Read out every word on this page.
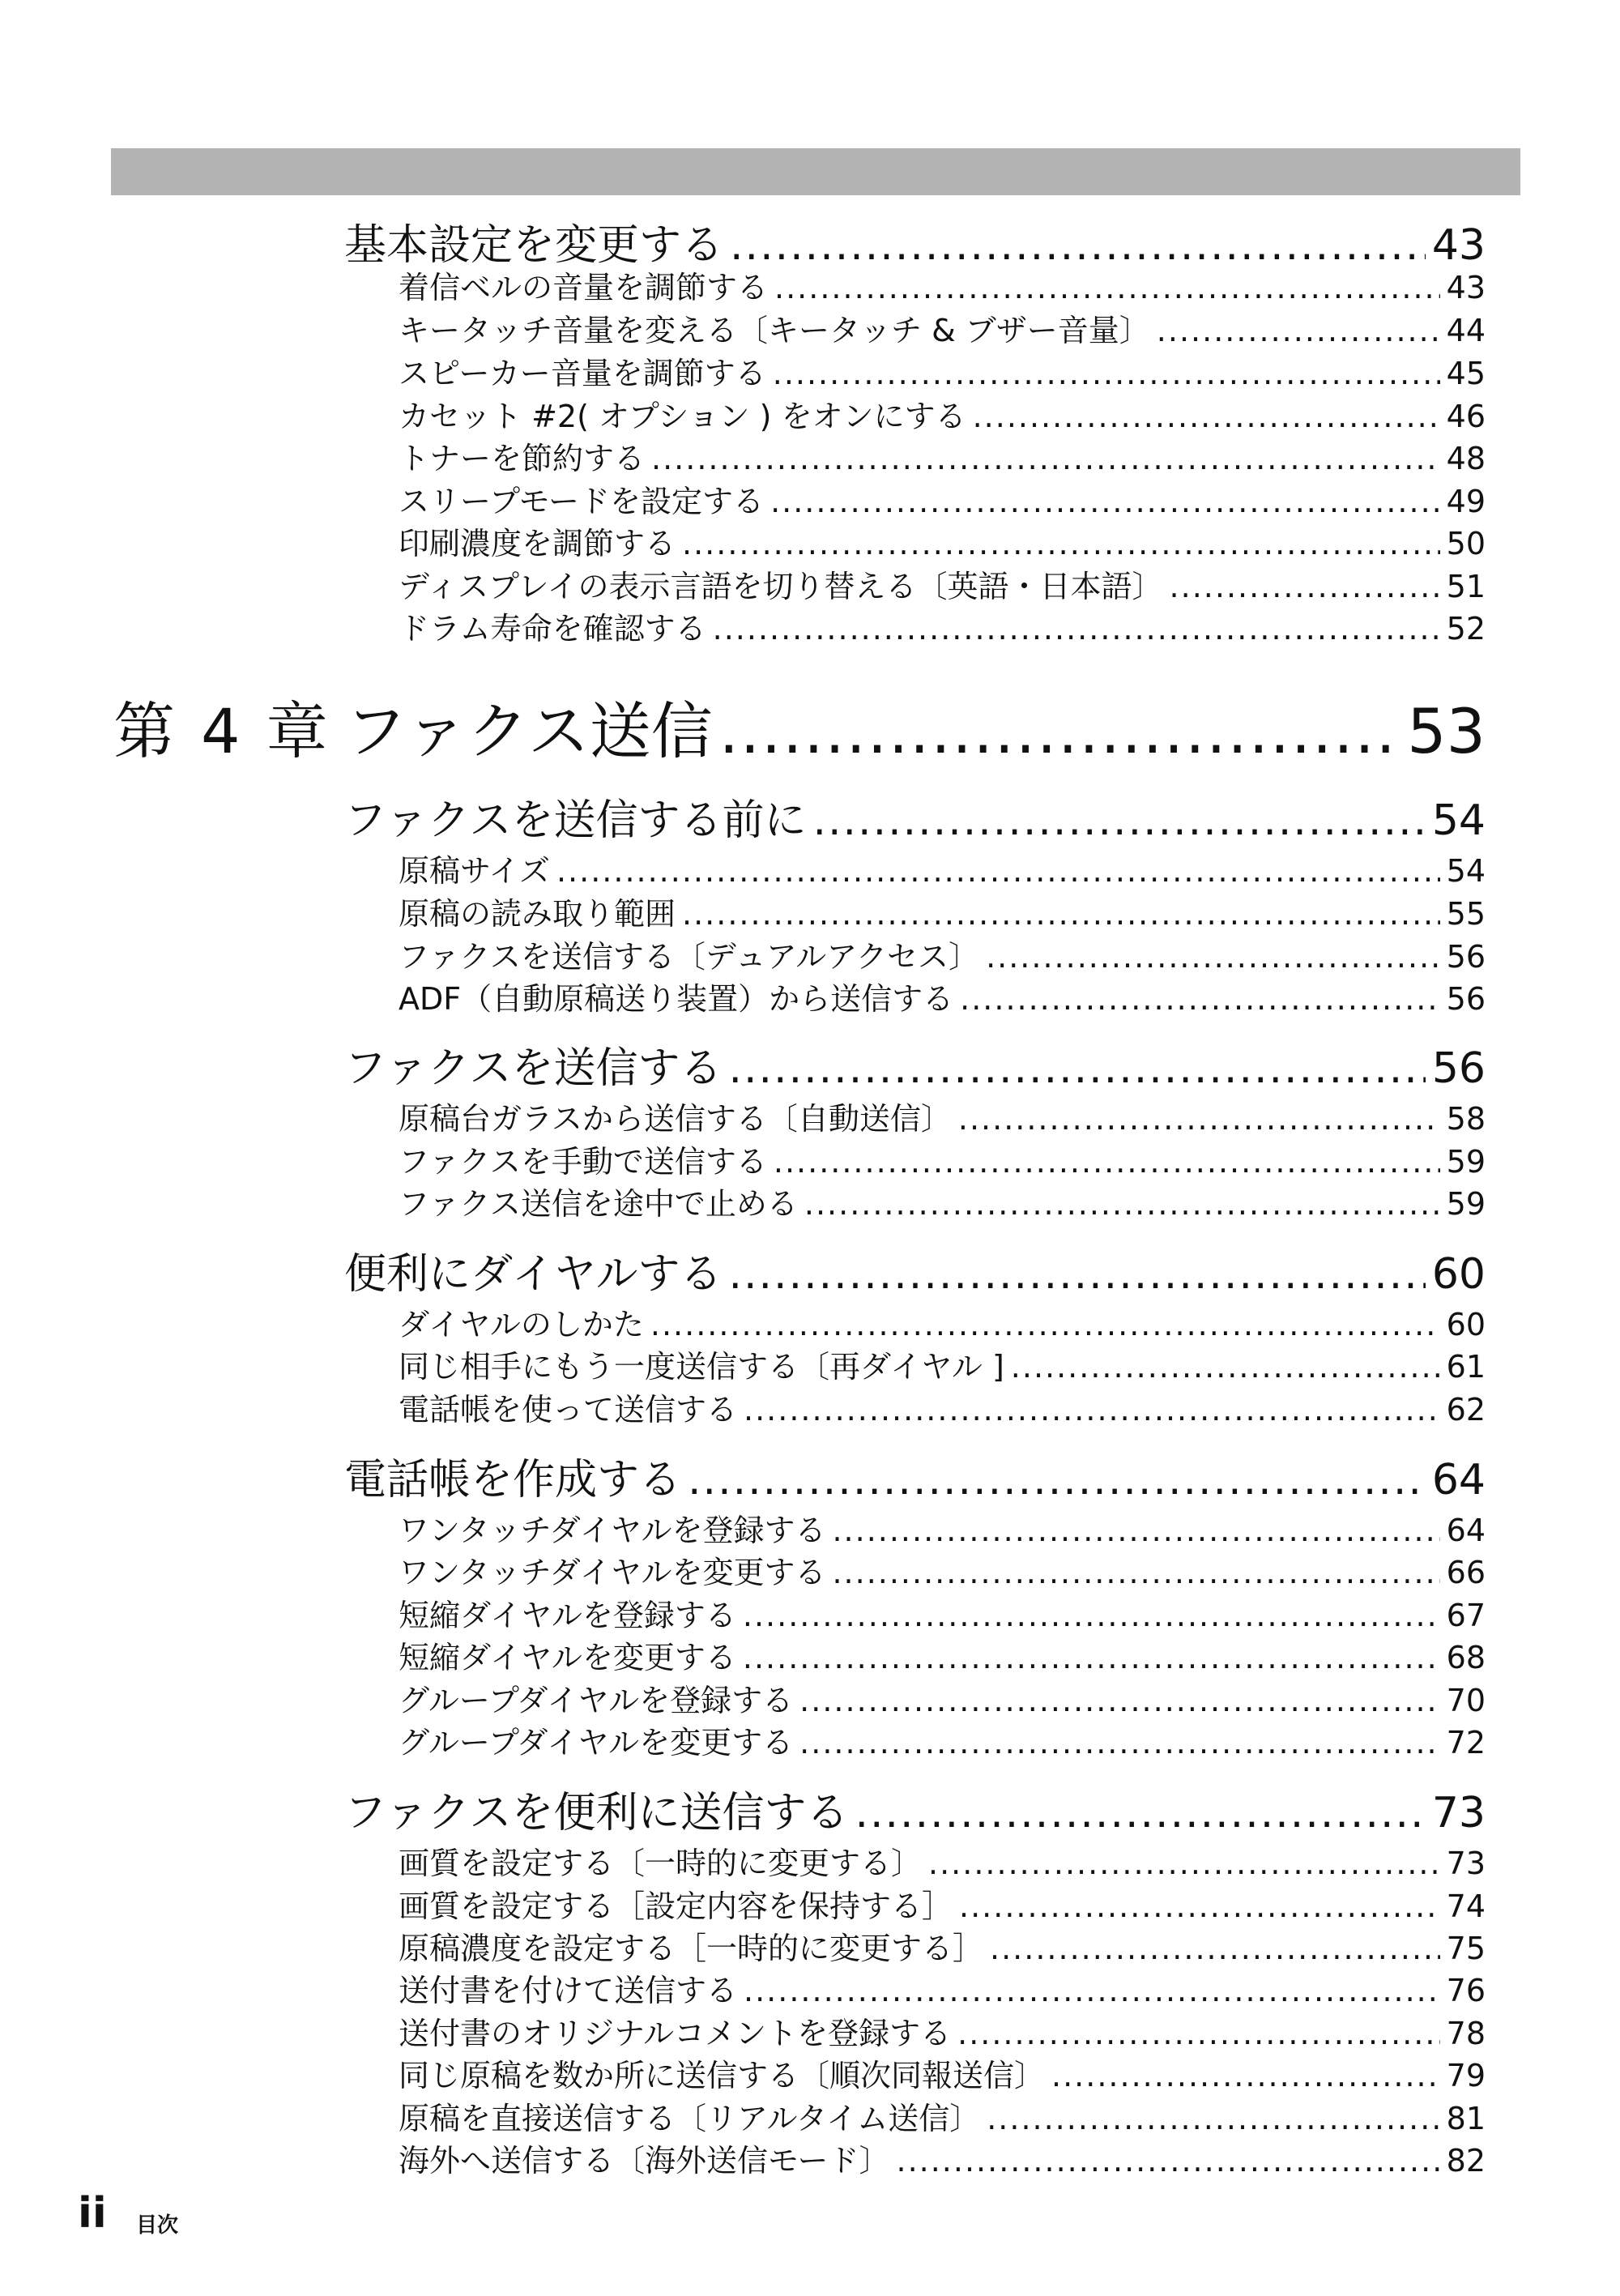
基本設定を変更する .....	43
着信ベルの音量を調節する .....	43
キータッチ音量を変える〔キータッチ & ブザー音量〕 .....	44
スピーカー音量を調節する .....	45
カセット #2( オプション ) をオンにする .....	46
トナーを節約する .....	48
スリープモードを設定する .....	49
印刷濃度を調節する .....	50
ディスプレイの表示言語を切り替える〔英語・日本語〕 .....	51
ドラム寿命を確認する .....	52
第 4 章 ファクス送信 .....	53
ファクスを送信する前に .....	54
原稿サイズ .....	54
原稿の読み取り範囲 .....	55
ファクスを送信する〔デュアルアクセス〕 .....	56
ADF（自動原稿送り装置）から送信する .....	56
ファクスを送信する .....	56
原稿台ガラスから送信する〔自動送信〕 .....	58
ファクスを手動で送信する .....	59
ファクス送信を途中で止める .....	59
便利にダイヤルする .....	60
ダイヤルのしかた .....	60
同じ相手にもう一度送信する〔再ダイヤル ] .....	61
電話帳を使って送信する .....	62
電話帳を作成する .....	64
ワンタッチダイヤルを登録する .....	64
ワンタッチダイヤルを変更する .....	66
短縮ダイヤルを登録する .....	67
短縮ダイヤルを変更する .....	68
グループダイヤルを登録する .....	70
グループダイヤルを変更する .....	72
ファクスを便利に送信する .....	73
画質を設定する〔一時的に変更する〕 .....	73
画質を設定する［設定内容を保持する］ .....	74
原稿濃度を設定する［一時的に変更する］ .....	75
送付書を付けて送信する .....	76
送付書のオリジナルコメントを登録する .....	78
同じ原稿を数か所に送信する〔順次同報送信〕 .....	79
原稿を直接送信する〔リアルタイム送信〕 .....	81
海外へ送信する〔海外送信モード〕 .....	82
ii 目次
